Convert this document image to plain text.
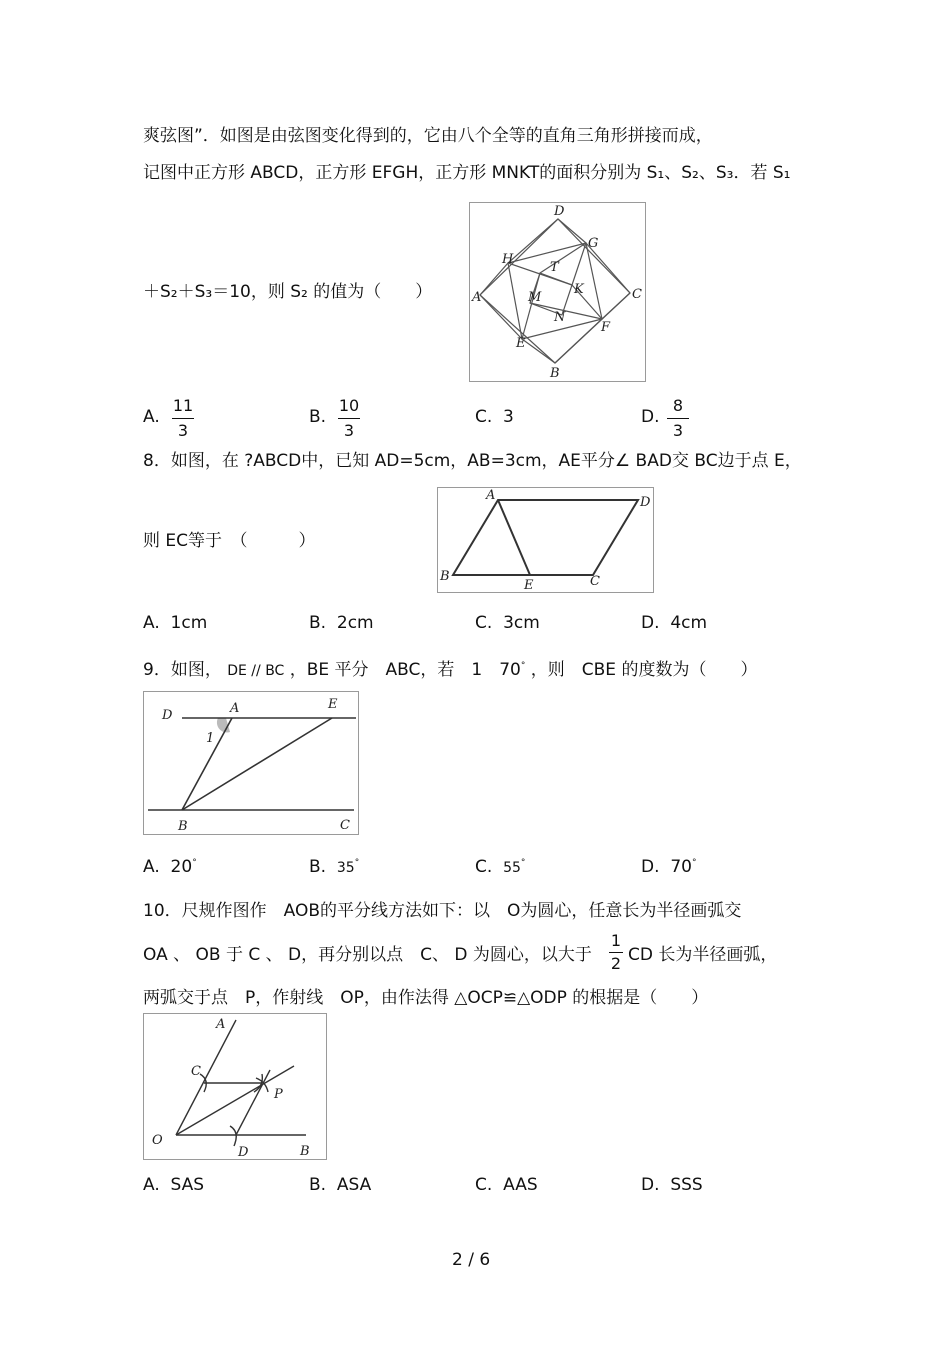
爽弦图”．如图是由弦图变化得到的，它由八个全等的直角三角形拼接而成，
记图中正方形 ABCD，正方形 EFGH，正方形 MNKT的面积分别为 S₁、S₂、S₃．若 S₁
D
G
H
T
A	C
K
M
N
F
E
B
＋S₂＋S₃＝10，则 S₂ 的值为（　　）
A.
11
3
B.
10
3
C. 3	D.
8
3
8．如图，在 ?ABCD中，已知 AD=5cm，AB=3cm，AE平分∠ BAD交 BC边于点 E，
A	D
B
E	C
则 EC等于　（　　　）
A. 1cm	B. 2cm	C. 3cm	D. 4cm
9．如图， DE // BC ，BE 平分　ABC，若　1　70° ，则　CBE 的度数为（　　）
D	A	E
1
B	C
A. 20°	B. 35°	C. 55°	D. 70°
10．尺规作图作　AOB的平分线方法如下：以　O为圆心，任意长为半径画弧交
OA 、 OB 于 C 、 D，再分别以点　C、 D 为圆心，以大于
1
2 CD 长为半径画弧，
两弧交于点　P，作射线　OP，由作法得 △OCP≌△ODP 的根据是（　　）
A
C
P
O
D	B
A. SAS	B. ASA	C. AAS	D. SSS
2 / 6
